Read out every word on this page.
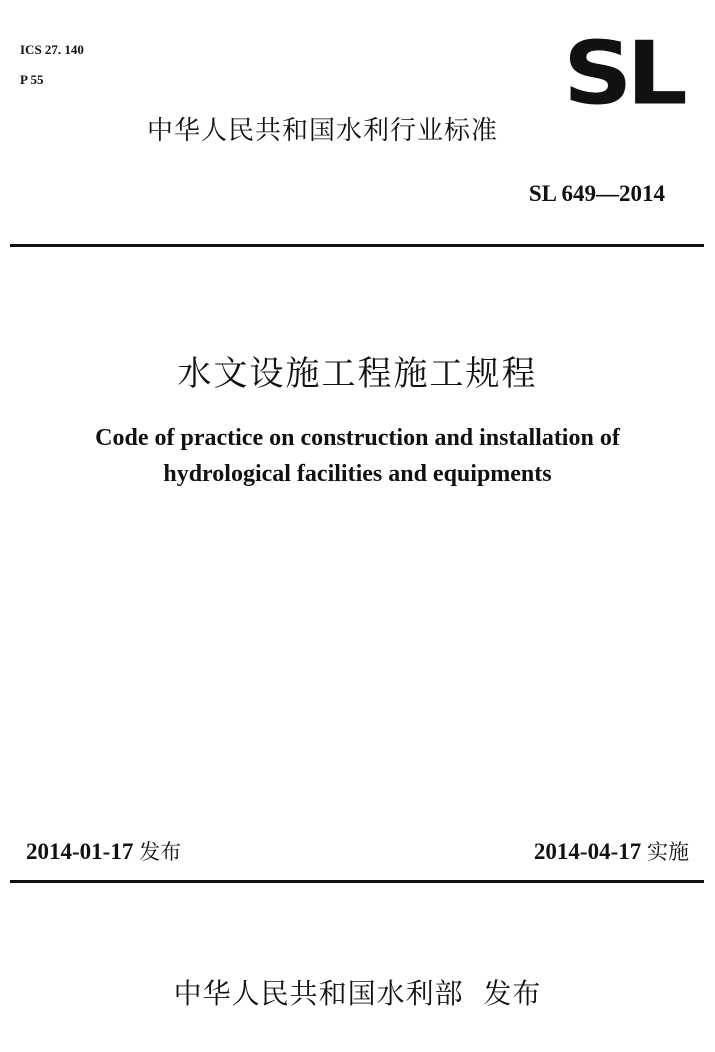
ICS 27. 140
P 55	SL
中华人民共和国水利行业标准
SL 649—2014
水文设施工程施工规程
Code of practice on construction and installation of
hydrological facilities and equipments
2014-01-17 发布	2014-04-17 实施
中华人民共和国水利部 发布
